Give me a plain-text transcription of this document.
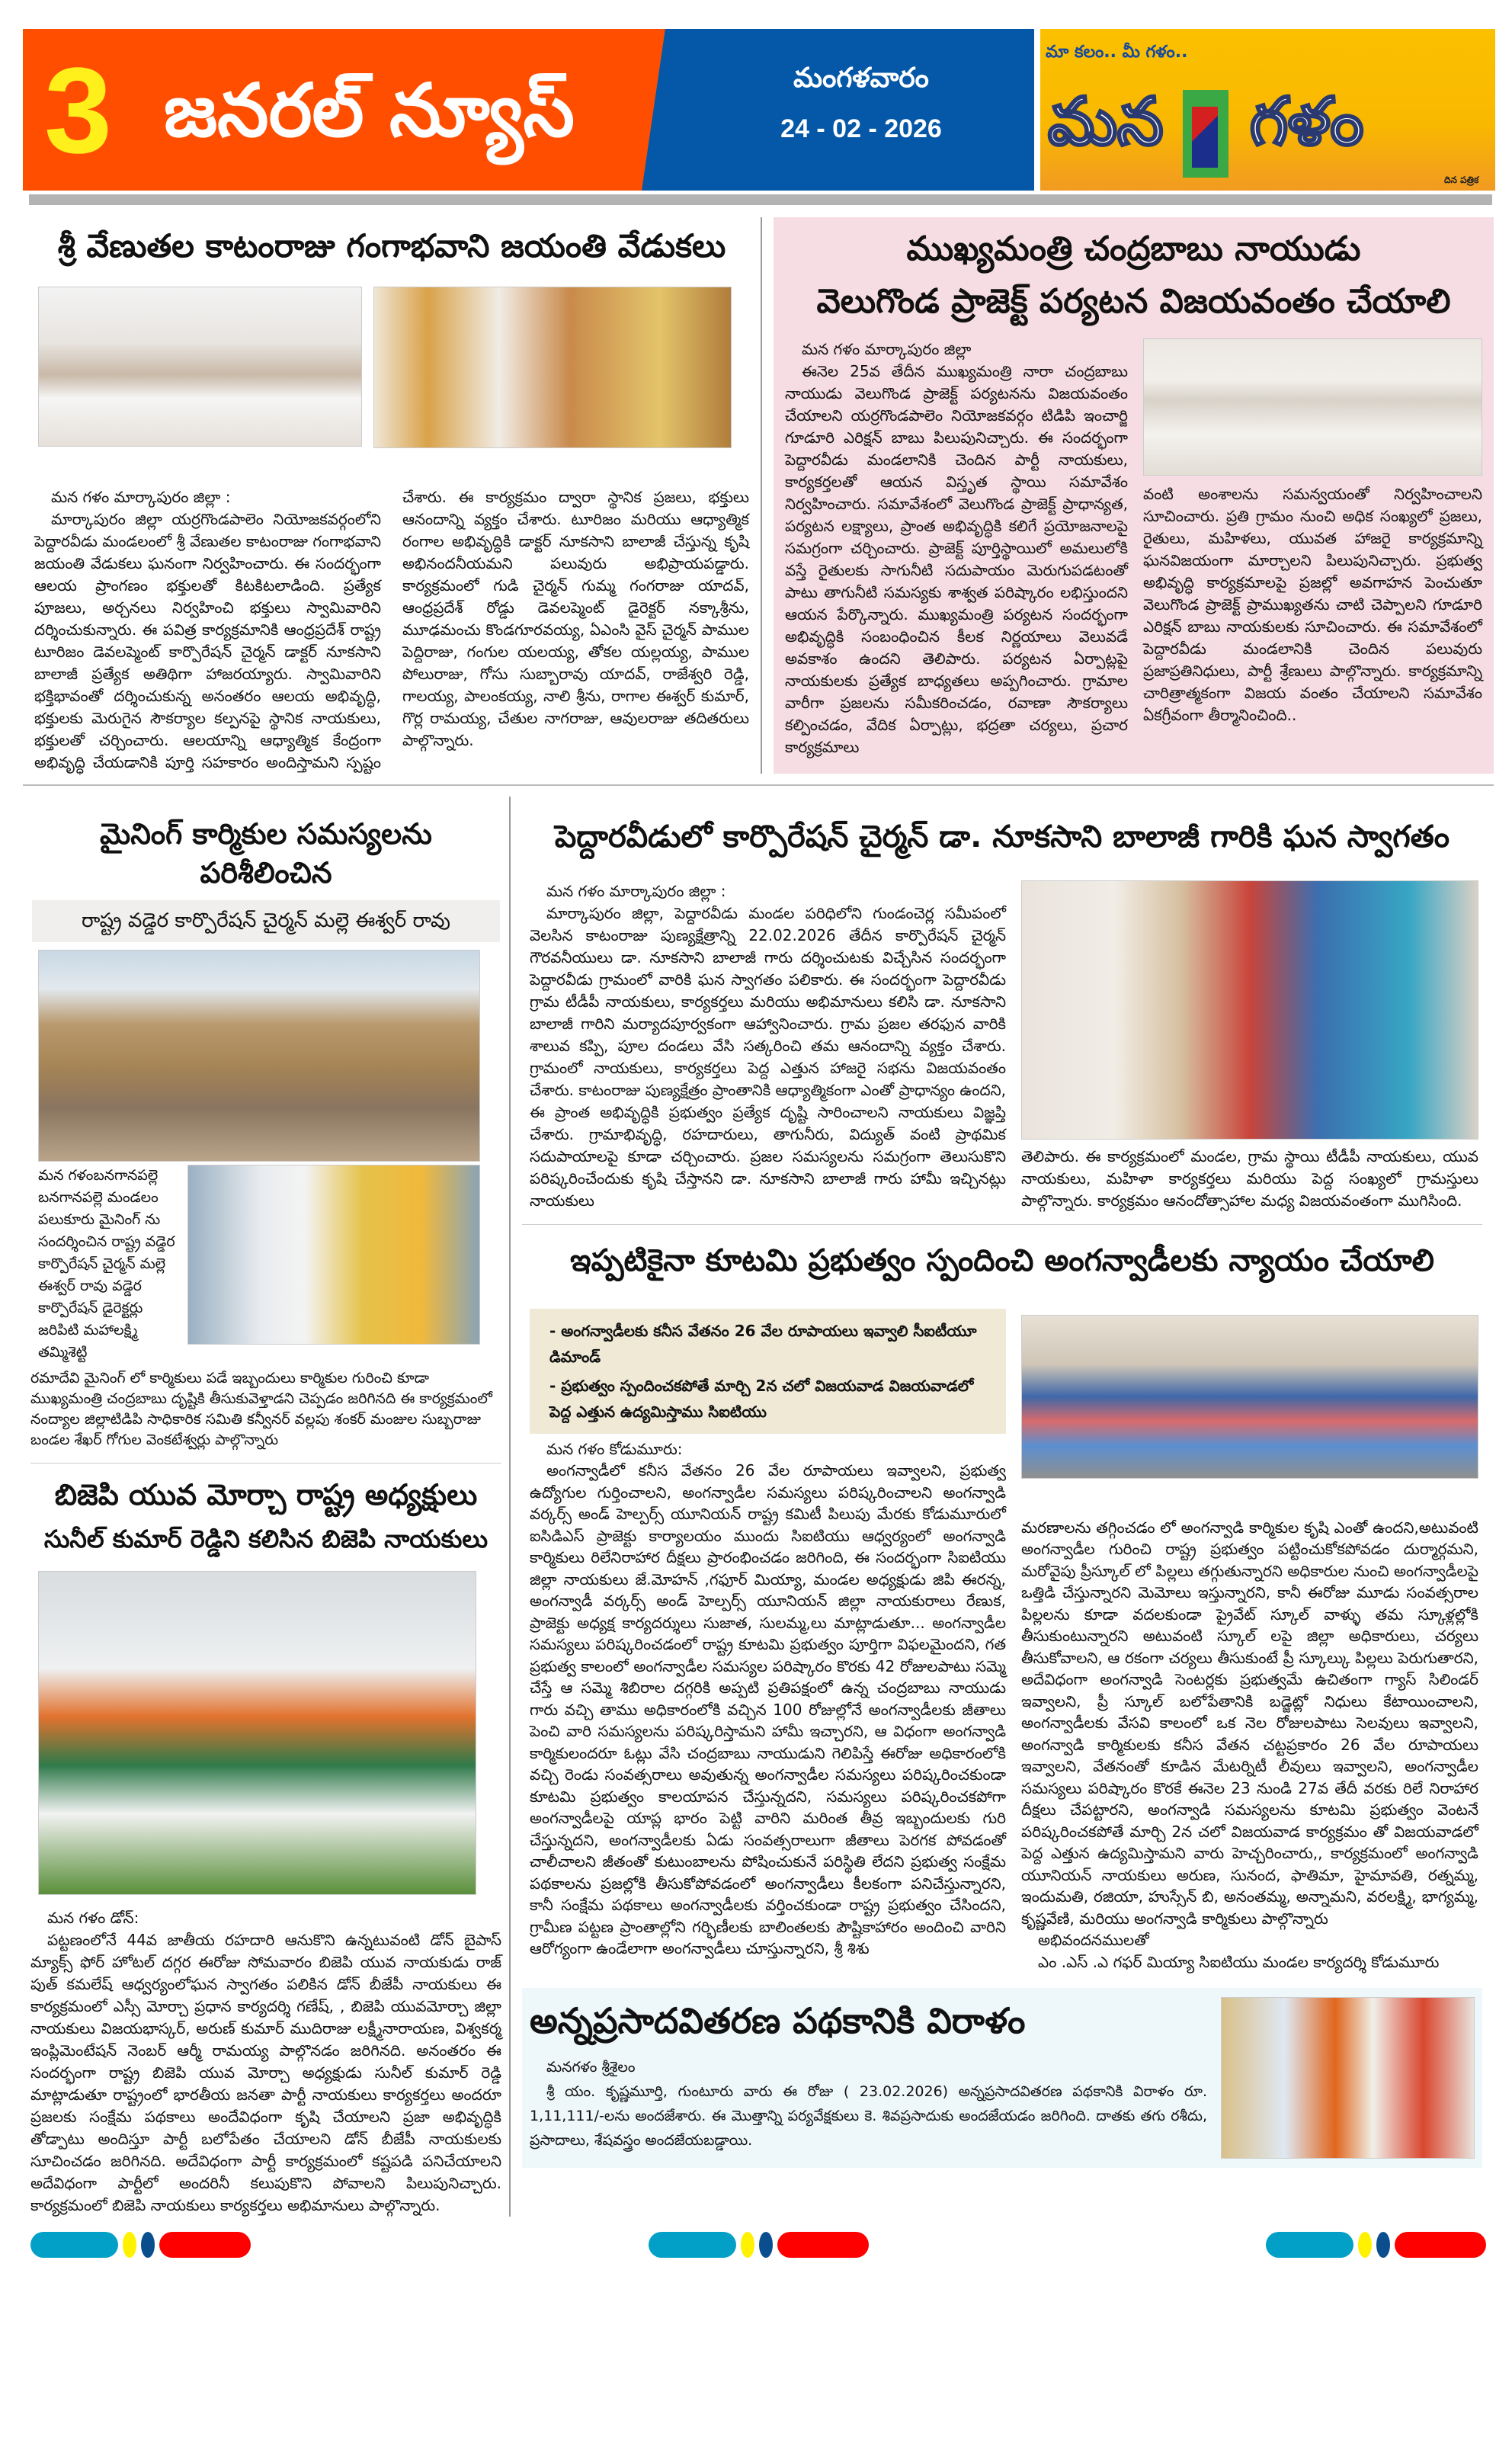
3 జనరల్ న్యూస్	మంగళవారం
24 - 02 - 2026
మా కలం.. మీ గళం..
మన గళం
దిన పత్రిక
శ్రీ వేణుతల కాటంరాజు గంగాభవాని జయంతి వేడుకలు

మన గళం మార్కాపురం జిల్లా :

మార్కాపురం జిల్లా యర్రగొండపాలెం నియోజకవర్గంలోని పెద్దారవీడు మండలంలో శ్రీ వేణుతల కాటంరాజు గంగాభవాని జయంతి వేడుకలు ఘనంగా నిర్వహించారు. ఈ సందర్భంగా ఆలయ ప్రాంగణం భక్తులతో కిటకిటలాడింది. ప్రత్యేక పూజలు, అర్చనలు నిర్వహించి భక్తులు స్వామివారిని దర్శించుకున్నారు. ఈ పవిత్ర కార్యక్రమానికి ఆంధ్రప్రదేశ్ రాష్ట్ర టూరిజం డెవలప్మెంట్ కార్పొరేషన్ చైర్మన్ డాక్టర్ నూకసాని బాలాజీ ప్రత్యేక అతిథిగా హాజరయ్యారు. స్వామివారిని భక్తిభావంతో దర్శించుకున్న అనంతరం ఆలయ అభివృద్ధి, భక్తులకు మెరుగైన సౌకర్యాల కల్పనపై స్థానిక నాయకులు, భక్తులతో చర్చించారు. ఆలయాన్ని ఆధ్యాత్మిక కేంద్రంగా అభివృద్ధి చేయడానికి పూర్తి సహకారం అందిస్తామని స్పష్టం చేశారు. ఈ కార్యక్రమం ద్వారా స్థానిక ప్రజలు, భక్తులు ఆనందాన్ని వ్యక్తం చేశారు. టూరిజం మరియు ఆధ్యాత్మిక రంగాల అభివృద్ధికి డాక్టర్ నూకసాని బాలాజీ చేస్తున్న కృషి అభినందనీయమని పలువురు అభిప్రాయపడ్డారు. కార్యక్రమంలో గుడి చైర్మన్ గుమ్మ గంగరాజు యాదవ్, ఆంధ్రప్రదేశ్ రోడ్డు డెవలప్మెంట్ డైరెక్టర్ నక్కాశ్రీను, మూఢమంచు కొండగూరవయ్య, ఏఎంసి వైస్ చైర్మన్ పాముల పెద్దిరాజు, గంగుల యలయ్య, తోకల యల్లయ్య, పాముల పోలురాజు, గోసు సుబ్బారావు యాదవ్, రాజేశ్వరి రెడ్డి, గాలయ్య, పాలంకయ్య, నాలి శ్రీను, రాగాల ఈశ్వర్ కుమార్, గొర్ల రామయ్య, చేతుల నాగరాజు, ఆవులరాజు తదితరులు పాల్గొన్నారు.

ముఖ్యమంత్రి చంద్రబాబు నాయుడు
వెలుగొండ ప్రాజెక్ట్ పర్యటన విజయవంతం చేయాలి

మన గళం మార్కాపురం జిల్లా

ఈనెల 25వ తేదీన ముఖ్యమంత్రి నారా చంద్రబాబు నాయుడు వెలుగొండ ప్రాజెక్ట్ పర్యటనను విజయవంతం చేయాలని యర్రగొండపాలెం నియోజకవర్గం టిడిపి ఇంచార్జి గూడూరి ఎరిక్షన్ బాబు పిలుపునిచ్చారు. ఈ సందర్భంగా పెద్దారవీడు మండలానికి చెందిన పార్టీ నాయకులు, కార్యకర్తలతో ఆయన విస్తృత స్థాయి సమావేశం నిర్వహించారు. సమావేశంలో వెలుగొండ ప్రాజెక్ట్ ప్రాధాన్యత, పర్యటన లక్ష్యాలు, ప్రాంత అభివృద్ధికి కలిగే ప్రయోజనాలపై సమగ్రంగా చర్చించారు. ప్రాజెక్ట్ పూర్తిస్థాయిలో అమలులోకి వస్తే రైతులకు సాగునీటి సదుపాయం మెరుగుపడటంతో పాటు తాగునీటి సమస్యకు శాశ్వత పరిష్కారం లభిస్తుందని ఆయన పేర్కొన్నారు. ముఖ్యమంత్రి పర్యటన సందర్భంగా అభివృద్ధికి సంబంధించిన కీలక నిర్ణయాలు వెలువడే అవకాశం ఉందని తెలిపారు. పర్యటన ఏర్పాట్లపై నాయకులకు ప్రత్యేక బాధ్యతలు అప్పగించారు. గ్రామాల వారీగా ప్రజలను సమీకరించడం, రవాణా సౌకర్యాలు కల్పించడం, వేదిక ఏర్పాట్లు, భద్రతా చర్యలు, ప్రచార కార్యక్రమాలు

వంటి అంశాలను సమన్వయంతో నిర్వహించాలని సూచించారు. ప్రతి గ్రామం నుంచి అధిక సంఖ్యలో ప్రజలు, రైతులు, మహిళలు, యువత హాజరై కార్యక్రమాన్ని ఘనవిజయంగా మార్చాలని పిలుపునిచ్చారు. ప్రభుత్వ అభివృద్ధి కార్యక్రమాలపై ప్రజల్లో అవగాహన పెంచుతూ వెలుగొండ ప్రాజెక్ట్ ప్రాముఖ్యతను చాటి చెప్పాలని గూడూరి ఎరిక్షన్ బాబు నాయకులకు సూచించారు. ఈ సమావేశంలో పెద్దారవీడు మండలానికి చెందిన పలువురు ప్రజాప్రతినిధులు, పార్టీ శ్రేణులు పాల్గొన్నారు. కార్యక్రమాన్ని చారిత్రాత్మకంగా విజయ వంతం చేయాలని సమావేశం ఏకగ్రీవంగా తీర్మానించింది..
మైనింగ్ కార్మికుల సమస్యలను పరిశీలించిన
రాష్ట్ర వడ్డెర కార్పొరేషన్ చైర్మన్ మల్లె ఈశ్వర్ రావు
మన గళంబనగానపల్లె బనగానపల్లె మండలం పలుకూరు మైనింగ్ ను సందర్శించిన రాష్ట్ర వడ్డెర కార్పొరేషన్ చైర్మన్ మల్లె ఈశ్వర్ రావు వడ్డెర కార్పొరేషన్ డైరెక్టర్లు జరిపిటి మహాలక్ష్మి తమ్మిశెట్టి
రమాదేవి మైనింగ్ లో కార్మికులు పడే ఇబ్బందులు కార్మికుల గురించి కూడా ముఖ్యమంత్రి చంద్రబాబు దృష్టికి తీసుకువెళ్తాడని చెప్పడం జరిగినది ఈ కార్యక్రమంలో నంద్యాల జిల్లాటిడిపి సాధికారిక సమితి కన్వీనర్ వల్లపు శంకర్ మంజుల సుబ్బరాజు బండల శేఖర్ గోగుల వెంకటేశ్వర్లు పాల్గొన్నారు
బిజెపి యువ మోర్చా రాష్ట్ర అధ్యక్షులు
సునీల్ కుమార్ రెడ్డిని కలిసిన బిజెపి నాయకులు

మన గళం డోన్:

పట్టణంలోనే 44వ జాతీయ రహదారి ఆనుకొని ఉన్నటువంటి డోన్ బైపాస్ మ్యాక్స్ ఫోర్ హోటల్ దగ్గర ఈరోజు సోమవారం బిజెపి యువ నాయకుడు రాజ్ పుత్ కమలేష్ ఆధ్వర్యంలోఘన స్వాగతం పలికిన డోన్ బీజేపీ నాయకులు ఈ కార్యక్రమంలో ఎస్సీ మోర్చా ప్రధాన కార్యదర్శి గణేష్, , బిజెపి యువమోర్చా జిల్లా నాయకులు విజయభాస్కర్, అరుణ్ కుమార్ ముదిరాజు లక్ష్మీనారాయణ, విశ్వకర్మ ఇంప్లిమెంటేషన్ నెంబర్ ఆర్మీ రామయ్య పాల్గొనడం జరిగినది. అనంతరం ఈ సందర్భంగా రాష్ట్ర బిజెపి యువ మోర్చా అధ్యక్షుడు సునీల్ కుమార్ రెడ్డి మాట్లాడుతూ రాష్ట్రంలో భారతీయ జనతా పార్టీ నాయకులు కార్యకర్తలు అందరూ ప్రజలకు సంక్షేమ పథకాలు అందేవిధంగా కృషి చేయాలని ప్రజా అభివృద్ధికి తోడ్పాటు అందిస్తూ పార్టీ బలోపేతం చేయాలని డోన్ బీజేపీ నాయకులకు సూచించడం జరిగినది. అదేవిధంగా పార్టీ కార్యక్రమంలో కష్టపడి పనిచేయాలని అదేవిధంగా పార్టీలో అందరినీ కలుపుకొని పోవాలని పిలుపునిచ్చారు. కార్యక్రమంలో బిజెపి నాయకులు కార్యకర్తలు అభిమానులు పాల్గొన్నారు.

పెద్దారవీడులో కార్పొరేషన్ చైర్మన్ డా. నూకసాని బాలాజీ గారికి ఘన స్వాగతం

మన గళం మార్కాపురం జిల్లా :

మార్కాపురం జిల్లా, పెద్దారవీడు మండల పరిధిలోని గుండంచెర్ల సమీపంలో వెలసిన కాటంరాజు పుణ్యక్షేత్రాన్ని 22.02.2026 తేదీన కార్పొరేషన్ చైర్మన్ గౌరవనీయులు డా. నూకసాని బాలాజీ గారు దర్శించుటకు విచ్చేసిన సందర్భంగా పెద్దారవీడు గ్రామంలో వారికి ఘన స్వాగతం పలికారు. ఈ సందర్భంగా పెద్దారవీడు గ్రామ టీడీపీ నాయకులు, కార్యకర్తలు మరియు అభిమానులు కలిసి డా. నూకసాని బాలాజీ గారిని మర్యాదపూర్వకంగా ఆహ్వానించారు. గ్రామ ప్రజల తరఫున వారికి శాలువ కప్పి, పూల దండలు వేసి సత్కరించి తమ ఆనందాన్ని వ్యక్తం చేశారు. గ్రామంలో నాయకులు, కార్యకర్తలు పెద్ద ఎత్తున హాజరై సభను విజయవంతం చేశారు. కాటంరాజు పుణ్యక్షేత్రం ప్రాంతానికి ఆధ్యాత్మికంగా ఎంతో ప్రాధాన్యం ఉందని, ఈ ప్రాంత అభివృద్ధికి ప్రభుత్వం ప్రత్యేక దృష్టి సారించాలని నాయకులు విజ్ఞప్తి చేశారు. గ్రామాభివృద్ధి, రహదారులు, తాగునీరు, విద్యుత్ వంటి ప్రాథమిక సదుపాయాలపై కూడా చర్చించారు. ప్రజల సమస్యలను సమగ్రంగా తెలుసుకొని పరిష్కరించేందుకు కృషి చేస్తానని డా. నూకసాని బాలాజీ గారు హామీ ఇచ్చినట్లు నాయకులు

తెలిపారు. ఈ కార్యక్రమంలో మండల, గ్రామ స్థాయి టీడీపీ నాయకులు, యువ నాయకులు, మహిళా కార్యకర్తలు మరియు పెద్ద సంఖ్యలో గ్రామస్తులు పాల్గొన్నారు. కార్యక్రమం ఆనందోత్సాహాల మధ్య విజయవంతంగా ముగిసింది.
ఇప్పటికైనా కూటమి ప్రభుత్వం స్పందించి అంగన్వాడీలకు న్యాయం చేయాలి
- అంగన్వాడీలకు కనీస వేతనం 26 వేల రూపాయలు ఇవ్వాలి సీఐటీయూ డిమాండ్
- ప్రభుత్వం స్పందించకపోతే మార్చి 2న చలో విజయవాడ విజయవాడలో పెద్ద ఎత్తున ఉద్యమిస్తాము సిఐటియు

మన గళం కోడుమూరు:

అంగన్వాడీలో కనీస వేతనం 26 వేల రూపాయలు ఇవ్వాలని, ప్రభుత్వ ఉద్యోగుల గుర్తించాలని, అంగన్వాడీల సమస్యలు పరిష్కరించాలని అంగన్వాడి వర్కర్స్ అండ్ హెల్పర్స్ యూనియన్ రాష్ట్ర కమిటీ పిలుపు మేరకు కోడుమూరులో ఐసిడిఎస్ ప్రాజెక్టు కార్యాలయం ముందు సిఐటియు ఆధ్వర్యంలో అంగన్వాడి కార్మికులు రిలేనిరాహార దీక్షలు ప్రారంభించడం జరిగింది, ఈ సందర్భంగా సిఐటియు జిల్లా నాయకులు జే.మోహన్ ,గఫూర్ మియ్యా, మండల అధ్యక్షుడు జిపి ఈరన్న, అంగన్వాడీ వర్కర్స్ అండ్ హెల్పర్స్ యూనియన్ జిల్లా నాయకురాలు రేణుక, ప్రాజెక్టు అధ్యక్ష కార్యదర్శులు సుజాత, సులమ్మ,లు మాట్లాడుతూ... అంగన్వాడీల సమస్యలు పరిష్కరించడంలో రాష్ట్ర కూటమి ప్రభుత్వం పూర్తిగా విఫలమైందని, గత ప్రభుత్వ కాలంలో అంగన్వాడీల సమస్యల పరిష్కారం కొరకు 42 రోజులపాటు సమ్మె చేస్తే ఆ సమ్మె శిబిరాల దగ్గరికి అప్పటి ప్రతిపక్షంలో ఉన్న చంద్రబాబు నాయుడు గారు వచ్చి తాము అధికారంలోకి వచ్చిన 100 రోజుల్లోనే అంగన్వాడీలకు జీతాలు పెంచి వారి సమస్యలను పరిష్కరిస్తామని హామీ ఇచ్చారని, ఆ విధంగా అంగన్వాడి కార్మికులందరూ ఓట్లు వేసి చంద్రబాబు నాయుడుని గెలిపిస్తే ఈరోజు అధికారంలోకి వచ్చి రెండు సంవత్సరాలు అవుతున్న అంగన్వాడీల సమస్యలు పరిష్కరించకుండా కూటమి ప్రభుత్వం కాలయాపన చేస్తున్నదని, సమస్యలు పరిష్కరించకపోగా అంగన్వాడీలపై యాప్ల భారం పెట్టి వారిని మరింత తీవ్ర ఇబ్బందులకు గురి చేస్తున్నదని, అంగన్వాడీలకు ఏడు సంవత్సరాలుగా జీతాలు పెరగక పోవడంతో చాలీచాలని జీతంతో కుటుంబాలను పోషించుకునే పరిస్థితి లేదని ప్రభుత్వ సంక్షేమ పథకాలను ప్రజల్లోకి తీసుకోపోవడంలో అంగన్వాడీలు కీలకంగా పనిచేస్తున్నారని, కానీ సంక్షేమ పథకాలు అంగన్వాడీలకు వర్తించకుండా రాష్ట్ర ప్రభుత్వం చేసిందని, గ్రామీణ పట్టణ ప్రాంతాల్లోని గర్భిణీలకు బాలింతలకు పౌష్టికాహారం అందించి వారిని ఆరోగ్యంగా ఉండేలాగా అంగన్వాడీలు చూస్తున్నారని, శ్రీ శిశు

మరణాలను తగ్గించడం లో అంగన్వాడి కార్మికుల కృషి ఎంతో ఉందని,అటువంటి అంగన్వాడీల గురించి రాష్ట్ర ప్రభుత్వం పట్టించుకోకపోవడం దుర్మార్గమని, మరోవైపు ప్రీస్కూల్ లో పిల్లలు తగ్గుతున్నారని అధికారుల నుంచి అంగన్వాడీలపై ఒత్తిడి చేస్తున్నారని మెమోలు ఇస్తున్నారని, కానీ ఈరోజు మూడు సంవత్సరాల పిల్లలను కూడా వదలకుండా ప్రైవేట్ స్కూల్ వాళ్ళు తమ స్కూళ్లల్లోకి తీసుకుంటున్నారని అటువంటి స్కూల్ లపై జిల్లా అధికారులు, చర్యలు తీసుకోవాలని, ఆ రకంగా చర్యలు తీసుకుంటే ప్రీ స్కూల్కు పిల్లలు పెరుగుతారని, అదేవిధంగా అంగన్వాడి సెంటర్లకు ప్రభుత్వమే ఉచితంగా గ్యాస్ సిలిండర్ ఇవ్వాలని, ప్రీ స్కూల్ బలోపేతానికి బడ్జెట్లో నిధులు కేటాయించాలని, అంగన్వాడీలకు వేసవి కాలంలో ఒక నెల రోజులపాటు సెలవులు ఇవ్వాలని, అంగన్వాడి కార్మికులకు కనీస వేతన చట్టప్రకారం 26 వేల రూపాయలు ఇవ్వాలని, వేతనంతో కూడిన మేటర్నిటీ లీవులు ఇవ్వాలని, అంగన్వాడీల సమస్యలు పరిష్కారం కొరకే ఈనెల 23 నుండి 27వ తేదీ వరకు రిలే నిరాహార దీక్షలు చేపట్టారని, అంగన్వాడి సమస్యలను కూటమి ప్రభుత్వం వెంటనే పరిష్కరించకపోతే మార్చి 2న చలో విజయవాడ కార్యక్రమం తో విజయవాడలో పెద్ద ఎత్తున ఉద్యమిస్తామని వారు హెచ్చరించారు,, కార్యక్రమంలో అంగన్వాడి యూనియన్ నాయకులు అరుణ, సునంద, ఫాతిమా, హైమావతి, రత్నమ్మ, ఇందుమతి, రజియా, హుస్సేన్ బి, అనంతమ్మ, అన్నామని, వరలక్ష్మి, భాగ్యమ్మ, కృష్ణవేణి, మరియు అంగన్వాడి కార్మికులు పాల్గొన్నారు

అభివందనములతో

ఎం .ఎస్ .ఎ గఫర్ మియ్యా సిఐటియు మండల కార్యదర్శి కోడుమూరు

అన్నప్రసాదవితరణ పథకానికి విరాళం

మనగళం శ్రీశైలం

శ్రీ యం. కృష్ణమూర్తి, గుంటూరు వారు ఈ రోజు ( 23.02.2026) అన్నప్రసాదవితరణ పథకానికి విరాళం రూ. 1,11,111/-లను అందజేశారు. ఈ మొత్తాన్ని పర్యవేక్షకులు కె. శివప్రసాదుకు అందజేయడం జరిగింది. దాతకు తగు రశీదు, ప్రసాదాలు, శేషవస్త్రం అందజేయబడ్డాయి.
